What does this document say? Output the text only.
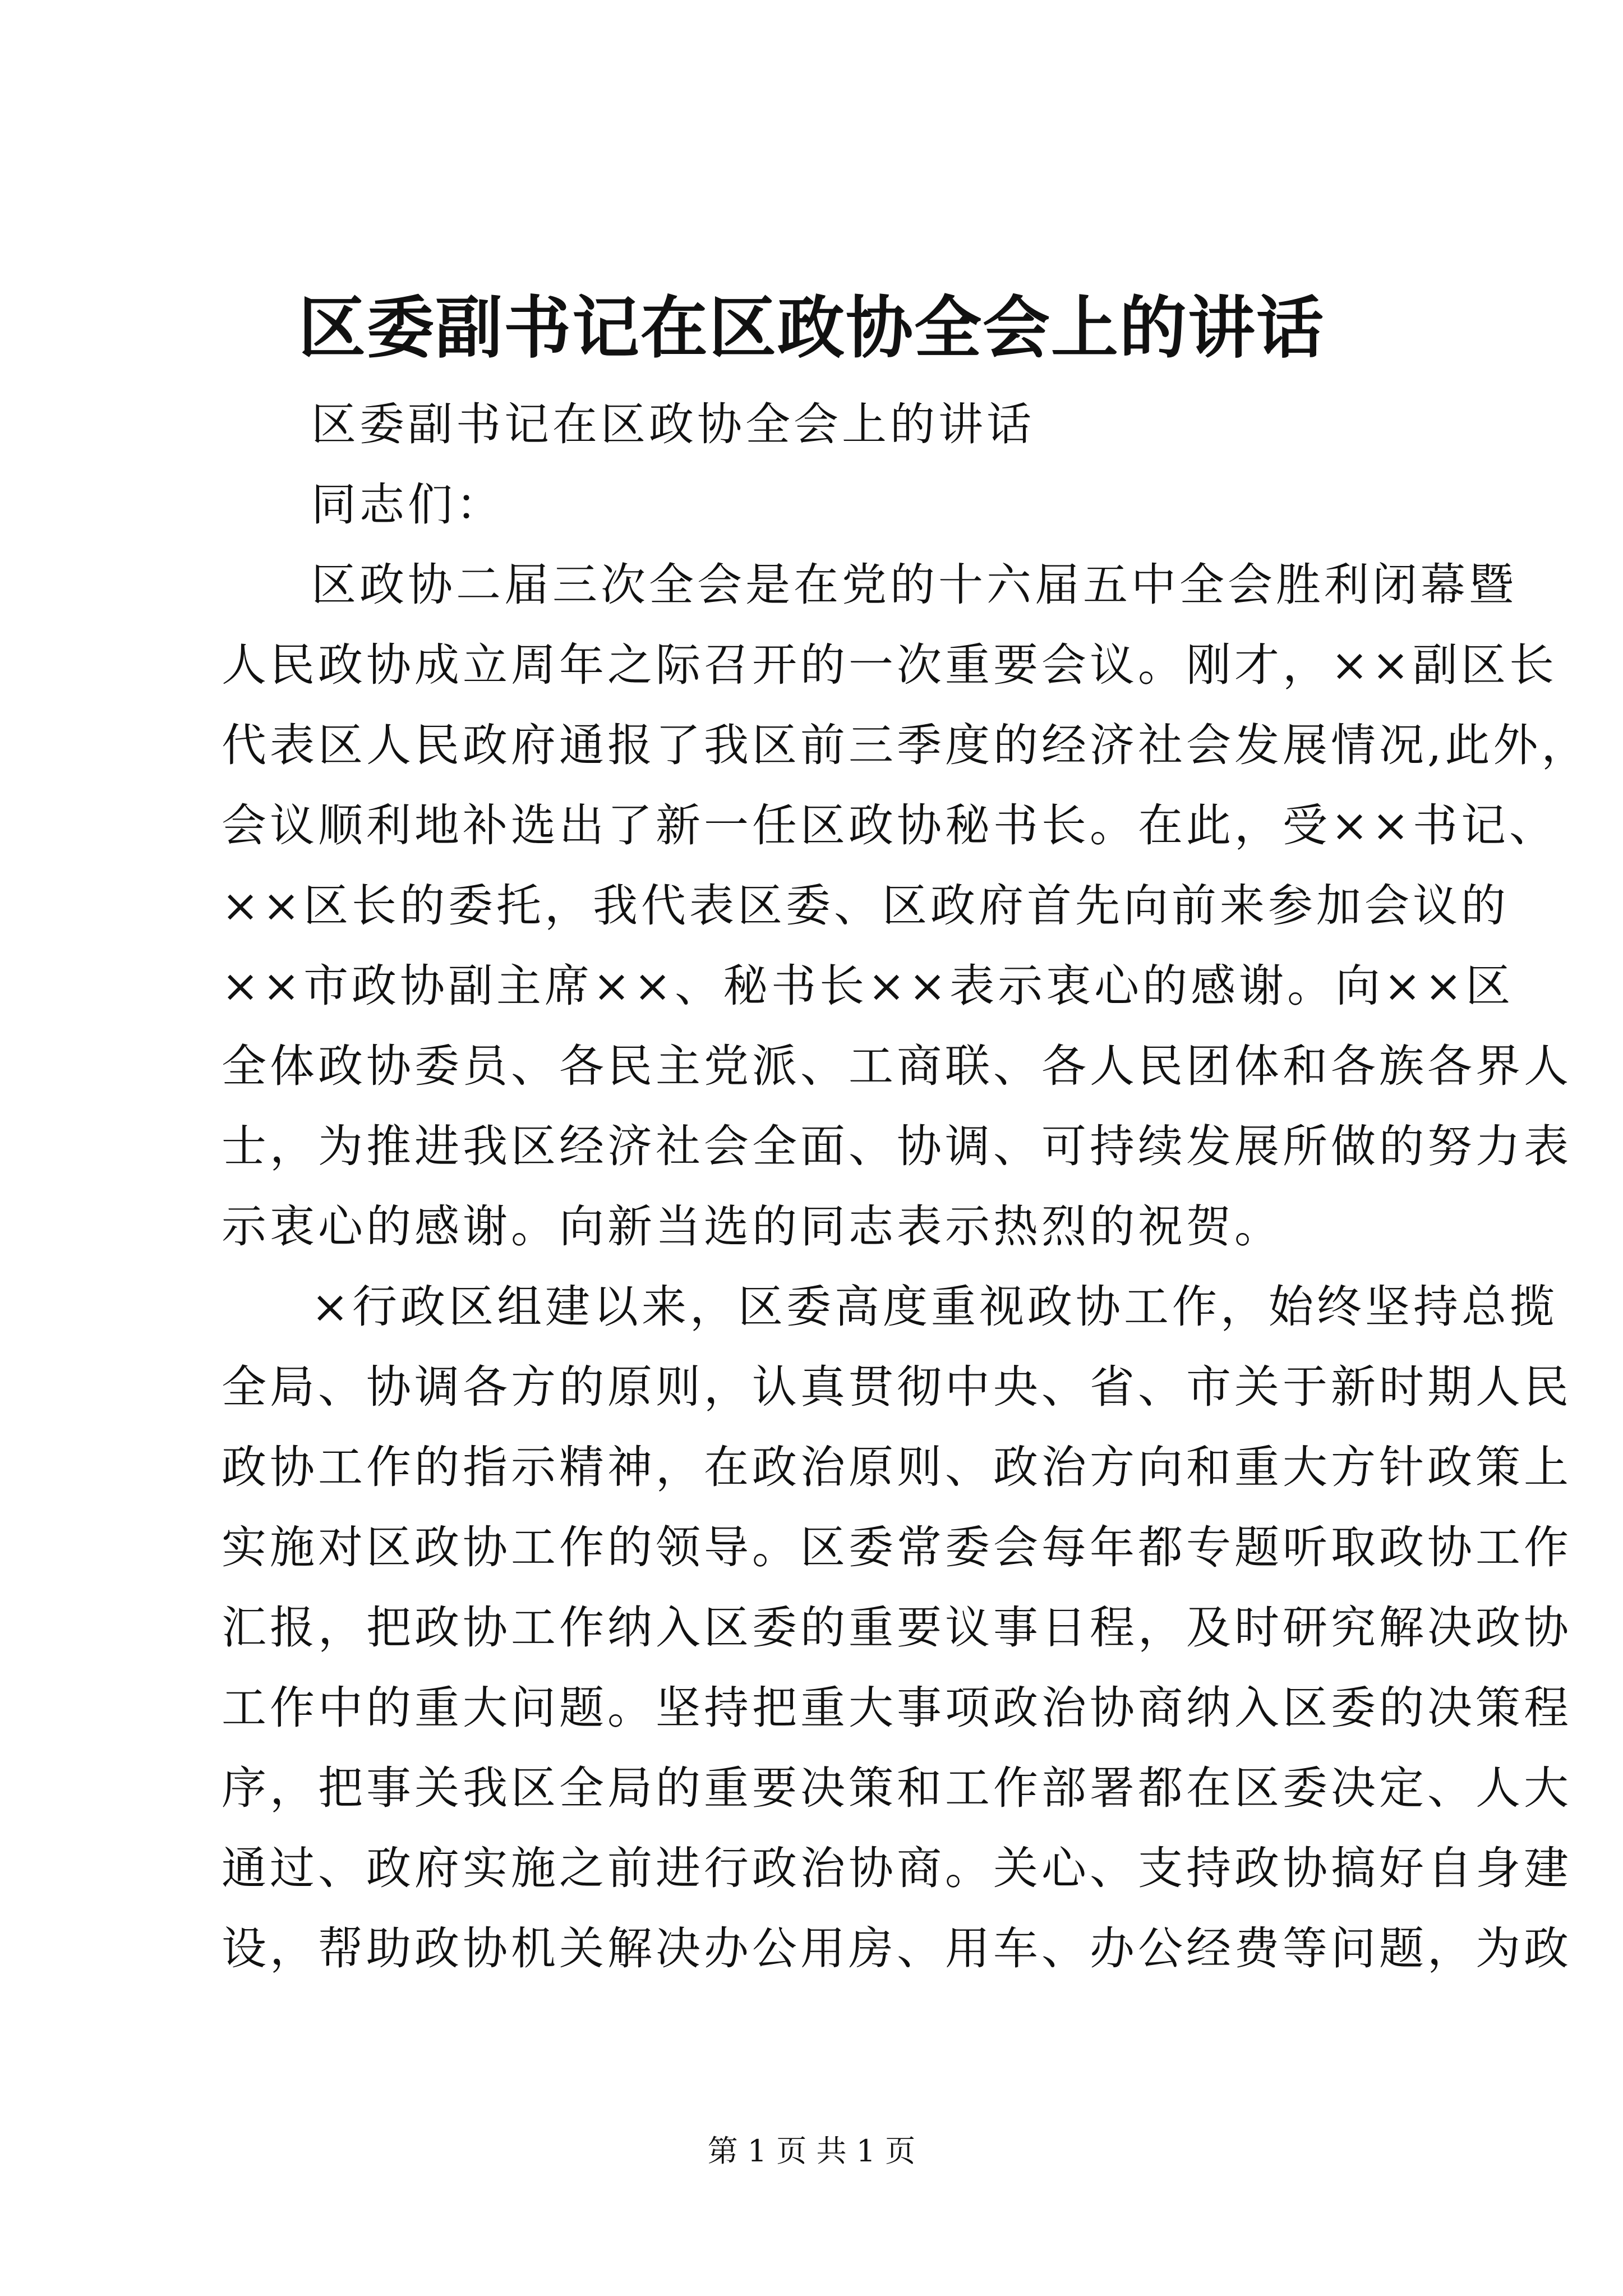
区委副书记在区政协全会上的讲话
区委副书记在区政协全会上的讲话
同志们：
区政协二届三次全会是在党的十六届五中全会胜利闭幕暨
人民政协成立周年之际召开的一次重要会议。刚才，××副区长
代表区人民政府通报了我区前三季度的经济社会发展情况,此外，
会议顺利地补选出了新一任区政协秘书长。在此，受××书记、
××区长的委托，我代表区委、区政府首先向前来参加会议的
××市政协副主席××、秘书长××表示衷心的感谢。向××区
全体政协委员、各民主党派、工商联、各人民团体和各族各界人
士，为推进我区经济社会全面、协调、可持续发展所做的努力表
示衷心的感谢。向新当选的同志表示热烈的祝贺。
×行政区组建以来，区委高度重视政协工作，始终坚持总揽
全局、协调各方的原则，认真贯彻中央、省、市关于新时期人民
政协工作的指示精神，在政治原则、政治方向和重大方针政策上
实施对区政协工作的领导。区委常委会每年都专题听取政协工作
汇报，把政协工作纳入区委的重要议事日程，及时研究解决政协
工作中的重大问题。坚持把重大事项政治协商纳入区委的决策程
序，把事关我区全局的重要决策和工作部署都在区委决定、人大
通过、政府实施之前进行政治协商。关心、支持政协搞好自身建
设，帮助政协机关解决办公用房、用车、办公经费等问题，为政
第 1 页 共 1 页
